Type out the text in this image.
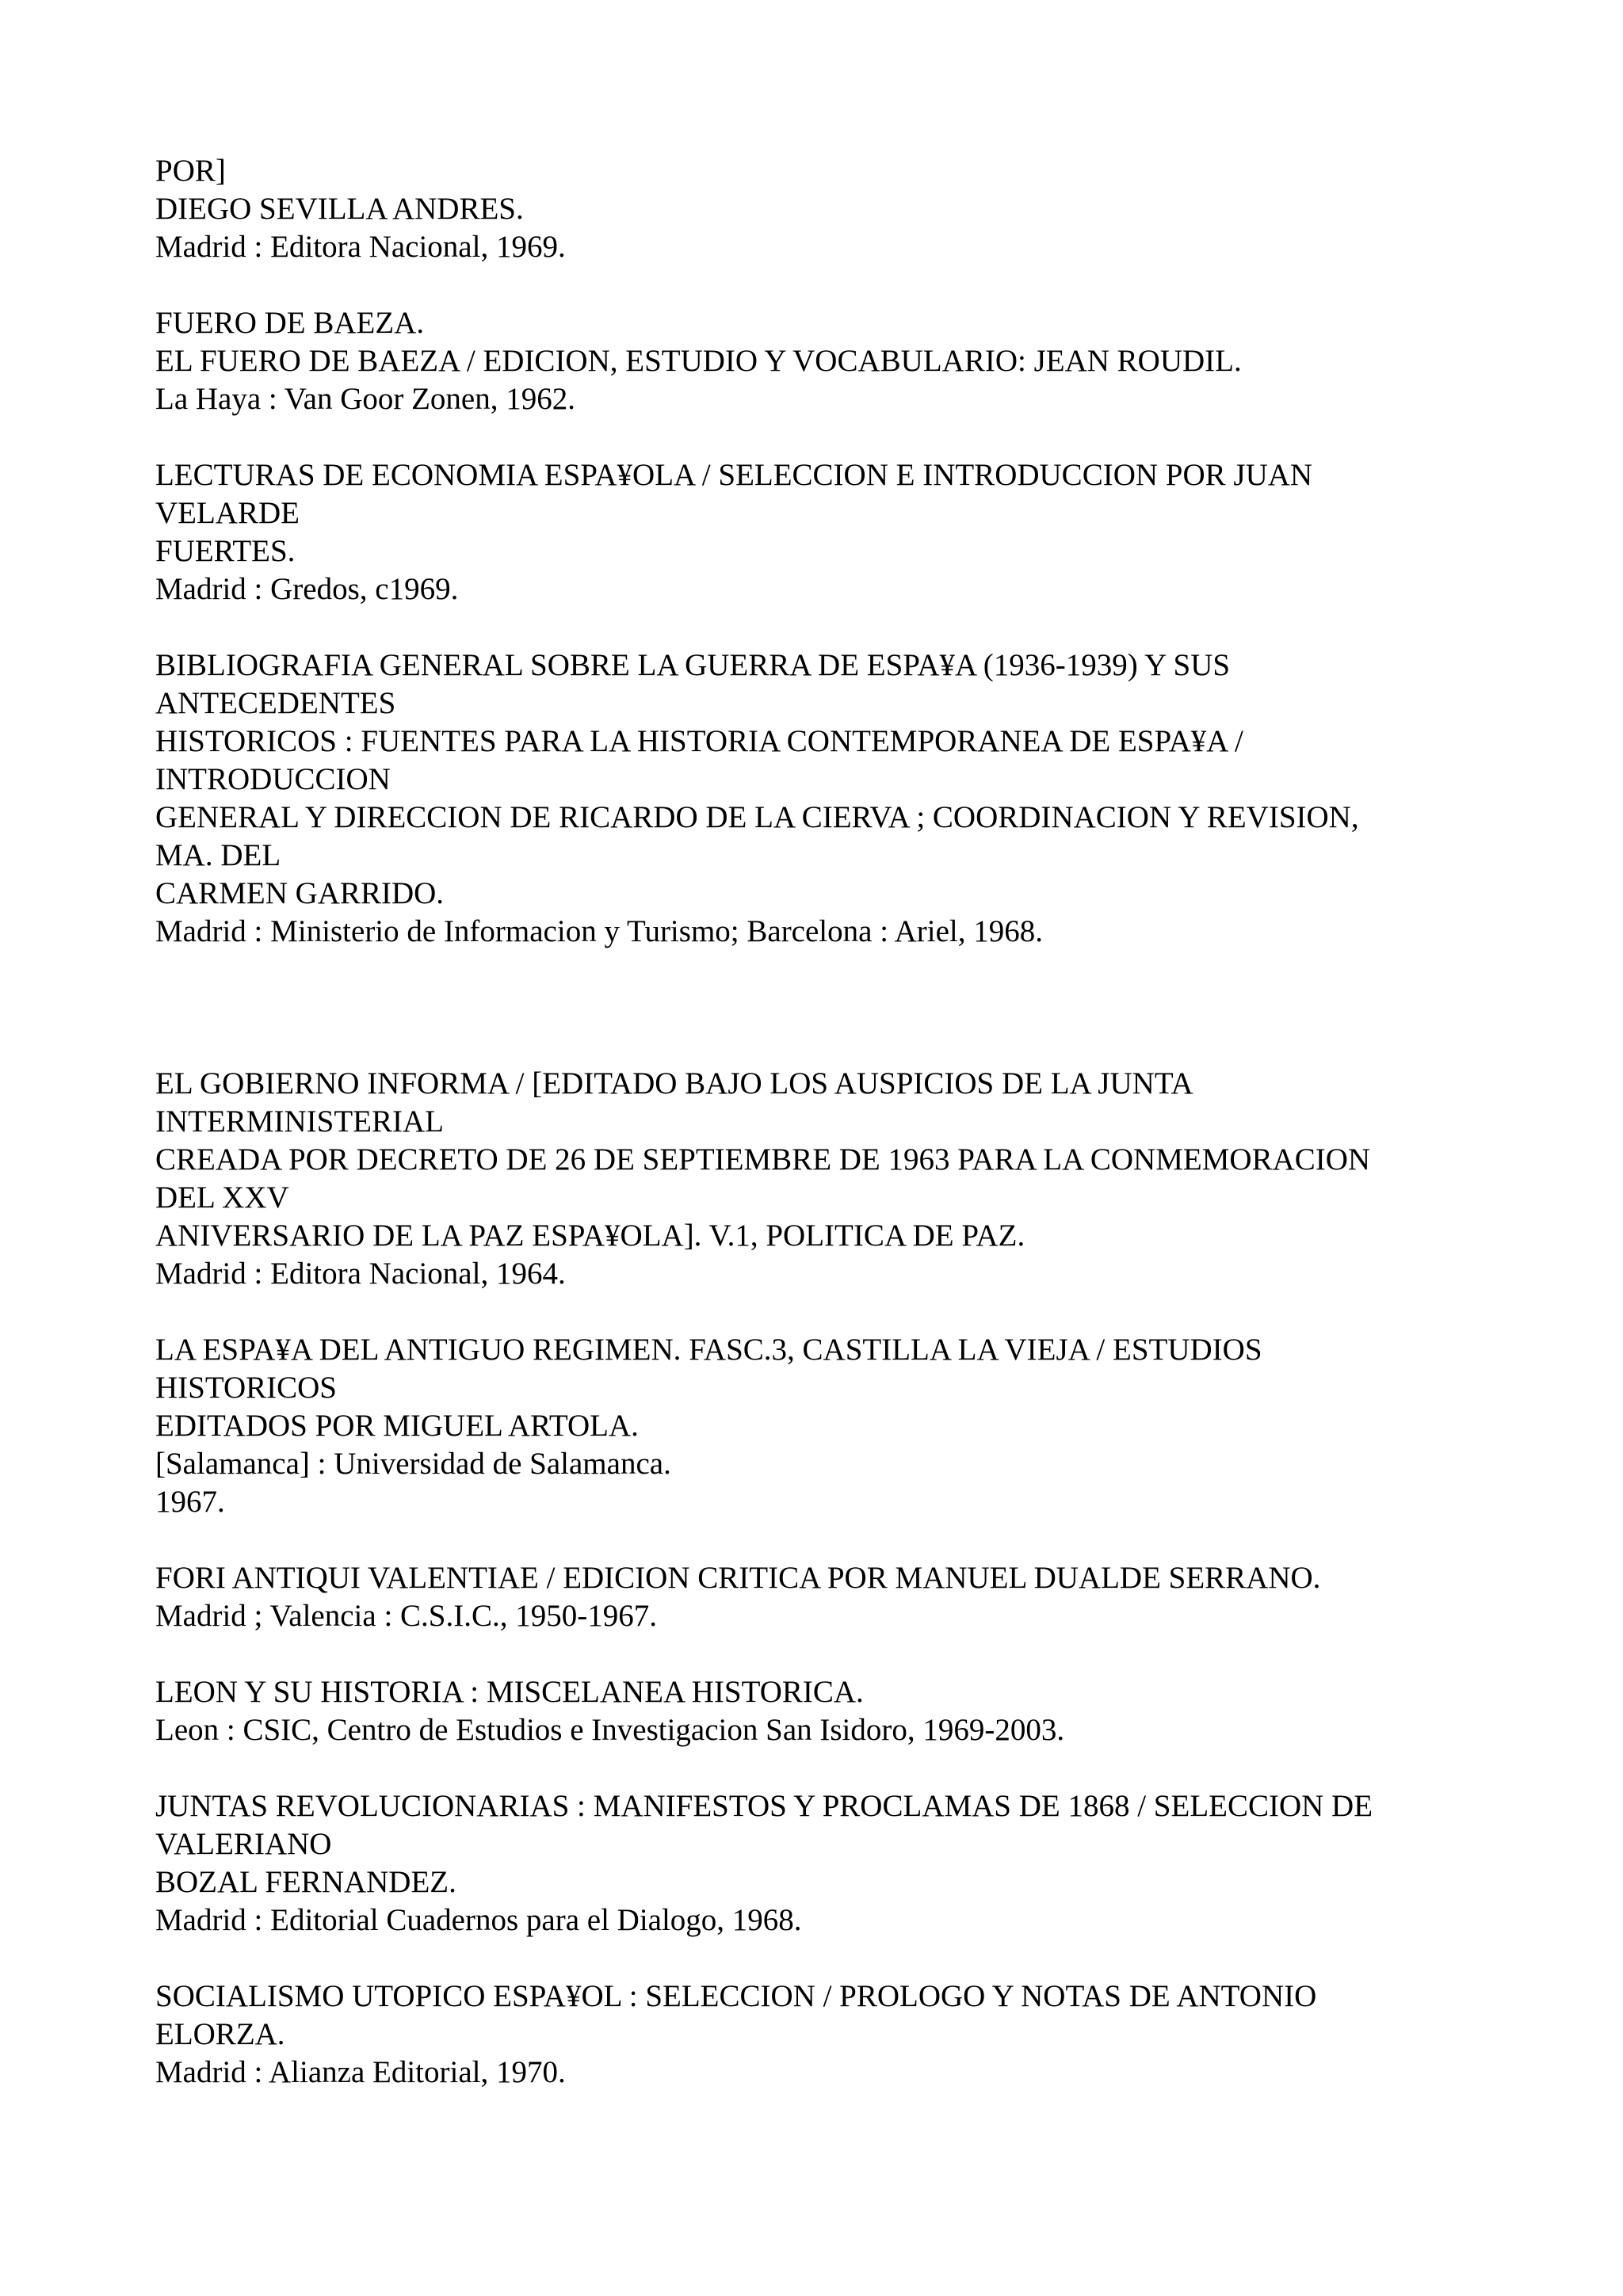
POR]
DIEGO SEVILLA ANDRES.
Madrid : Editora Nacional, 1969.
FUERO DE BAEZA.
EL FUERO DE BAEZA / EDICION, ESTUDIO Y VOCABULARIO: JEAN ROUDIL.
La Haya : Van Goor Zonen, 1962.
LECTURAS DE ECONOMIA ESPA¥OLA / SELECCION E INTRODUCCION POR JUAN
VELARDE
FUERTES.
Madrid : Gredos, c1969.
BIBLIOGRAFIA GENERAL SOBRE LA GUERRA DE ESPA¥A (1936-1939) Y SUS
ANTECEDENTES
HISTORICOS : FUENTES PARA LA HISTORIA CONTEMPORANEA DE ESPA¥A /
INTRODUCCION
GENERAL Y DIRECCION DE RICARDO DE LA CIERVA ; COORDINACION Y REVISION,
MA. DEL
CARMEN GARRIDO.
Madrid : Ministerio de Informacion y Turismo; Barcelona : Ariel, 1968.
EL GOBIERNO INFORMA / [EDITADO BAJO LOS AUSPICIOS DE LA JUNTA
INTERMINISTERIAL
CREADA POR DECRETO DE 26 DE SEPTIEMBRE DE 1963 PARA LA CONMEMORACION
DEL XXV
ANIVERSARIO DE LA PAZ ESPA¥OLA]. V.1, POLITICA DE PAZ.
Madrid : Editora Nacional, 1964.
LA ESPA¥A DEL ANTIGUO REGIMEN. FASC.3, CASTILLA LA VIEJA / ESTUDIOS
HISTORICOS
EDITADOS POR MIGUEL ARTOLA.
[Salamanca] : Universidad de Salamanca.
1967.
FORI ANTIQUI VALENTIAE / EDICION CRITICA POR MANUEL DUALDE SERRANO.
Madrid ; Valencia : C.S.I.C., 1950-1967.
LEON Y SU HISTORIA : MISCELANEA HISTORICA.
Leon : CSIC, Centro de Estudios e Investigacion San Isidoro, 1969-2003.
JUNTAS REVOLUCIONARIAS : MANIFESTOS Y PROCLAMAS DE 1868 / SELECCION DE
VALERIANO
BOZAL FERNANDEZ.
Madrid : Editorial Cuadernos para el Dialogo, 1968.
SOCIALISMO UTOPICO ESPA¥OL : SELECCION / PROLOGO Y NOTAS DE ANTONIO
ELORZA.
Madrid : Alianza Editorial, 1970.
